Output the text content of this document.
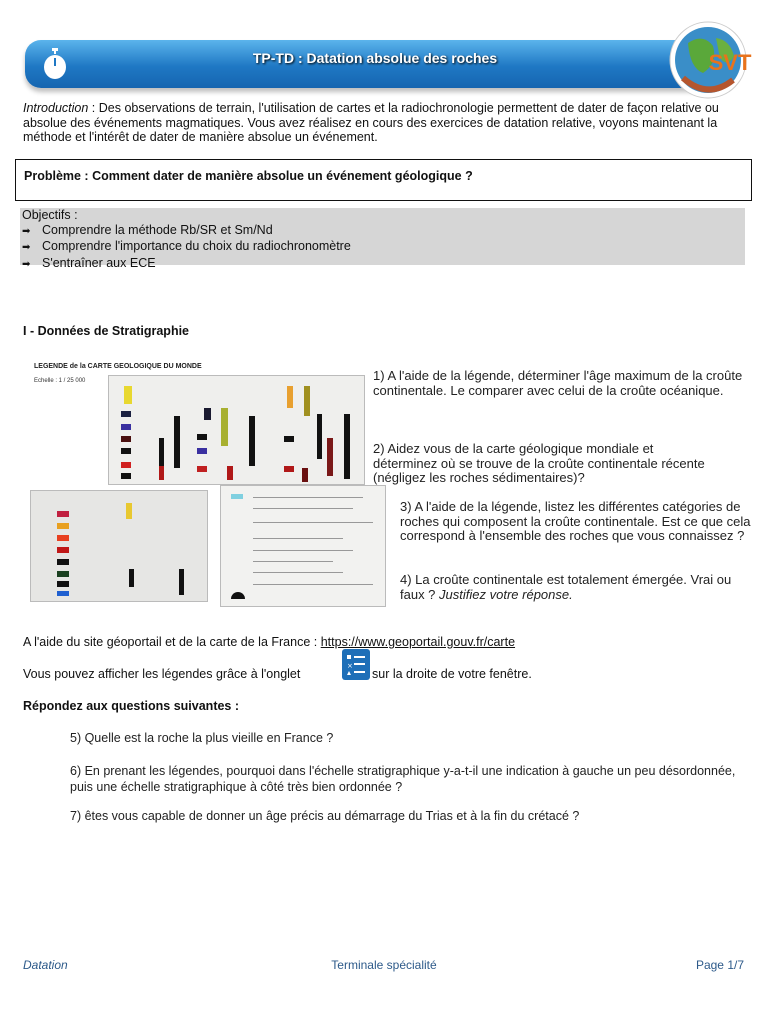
TP-TD : Datation absolue des roches	SVT
Introduction : Des observations de terrain, l'utilisation de cartes et la radiochronologie permettent de dater de façon relative ou absolue des événements magmatiques. Vous avez réalisez en cours des exercices de datation relative, voyons maintenant la méthode et l'intérêt de dater de manière absolue un événement.
Problème : Comment dater de manière absolue un événement géologique ?
Objectifs :
➡ Comprendre la méthode Rb/SR et Sm/Nd
➡ Comprendre l'importance du choix du radiochronomètre
➡ S'entraîner aux ECE
I - Données de Stratigraphie
LEGENDE de la CARTE GEOLOGIQUE DU MONDE
Echelle : 1 / 25 000	1) A l'aide de la légende, déterminer l'âge maximum de la croûte continentale. Le comparer avec celui de la croûte océanique.
2) Aidez vous de la carte géologique mondiale et déterminez où se trouve de la croûte continentale récente (négligez les roches sédimentaires)?
3) A l'aide de la légende, listez les différentes catégories de roches qui composent la croûte continentale. Est ce que cela correspond à l'ensemble des roches que vous connaissez ?
4) La croûte continentale est totalement émergée. Vrai ou faux ? Justifiez votre réponse.
A l'aide du site géoportail et de la carte de la France : https://www.geoportail.gouv.fr/carte
Vous pouvez afficher les légendes grâce à l'onglet
×
sur la droite de votre fenêtre.
Répondez aux questions suivantes :
5) Quelle est la roche la plus vieille en France ?
6) En prenant les légendes, pourquoi dans l'échelle stratigraphique y-a-t-il une indication à gauche un peu désordonnée, puis une échelle stratigraphique à côté très bien ordonnée ?
7) êtes vous capable de donner un âge précis au démarrage du Trias et à la fin du crétacé ?
Datation	Terminale spécialité	Page 1/7
